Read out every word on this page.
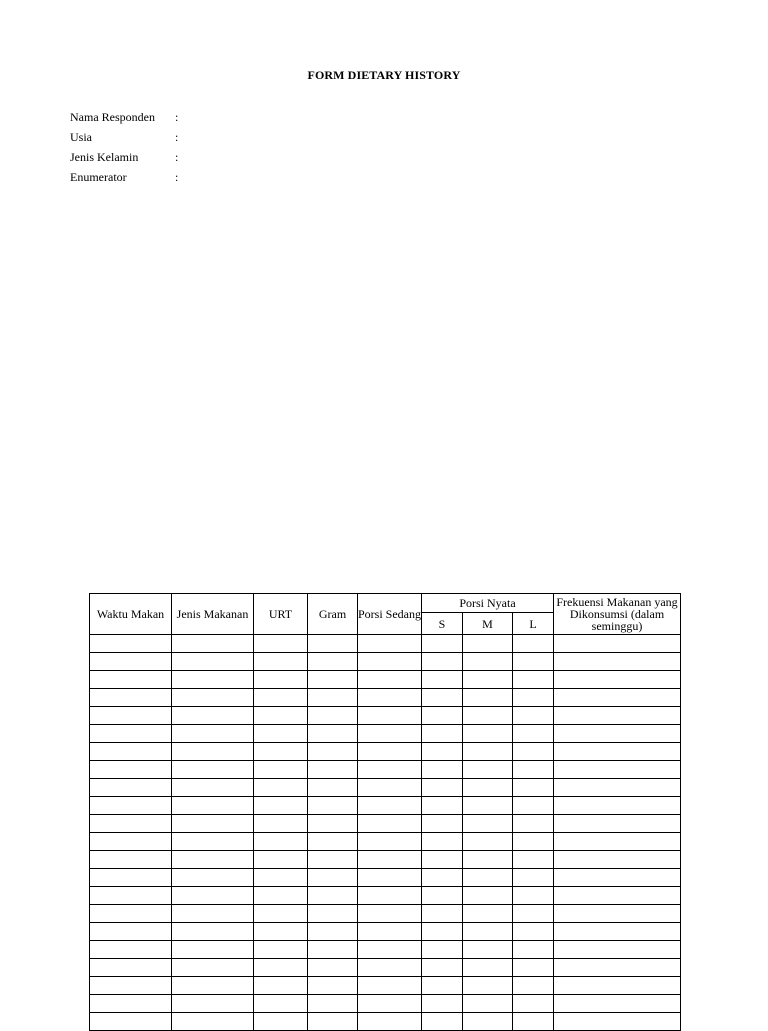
FORM DIETARY HISTORY
Nama Responden	:
Usia	:
Jenis Kelamin	:
Enumerator	:
Waktu Makan	Jenis Makanan	URT	Gram	Porsi Sedang	Porsi Nyata			Frekuensi Makanan yang Dikonsumsi (dalam seminggu)
					S	M	L	
